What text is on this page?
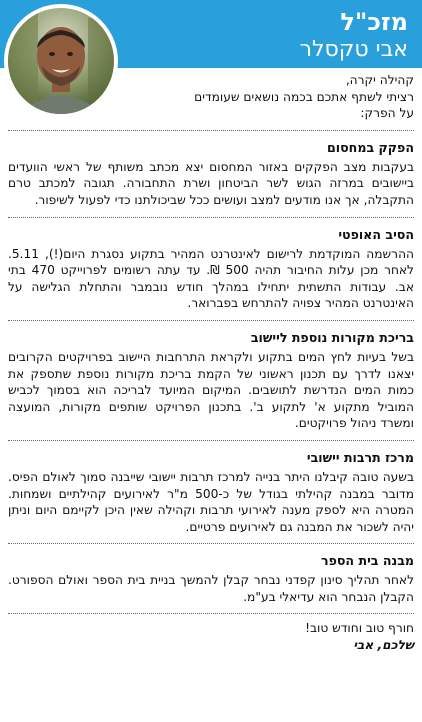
מזכ"ל
אבי טקסלר
קהילה יקרה,
רציתי לשתף אתכם בכמה נושאים שעומדים
על הפרק:
הפקק במחסום
בעקבות מצב הפקקים באזור המחסום יצא מכתב משותף של ראשי הוועדים ביישובים במרזה הגוש לשר הביטחון ושרת התחבורה. תגובה למכתב טרם התקבלה, אך אנו מודעים למצב ועושים ככל שביכולתנו כדי לפעול לשיפור.
הסיב האופטי
ההרשמה המוקדמת לרישום לאינטרנט המהיר בתקוע נסגרת היום(!), 5.11. לאחר מכן עלות החיבור תהיה 500 ₪. עד עתה רשומים לפרוייקט 470 בתי אב. עבודות התשתית יתחילו במהלך חודש נובמבר והתחלת הגלישה על האינטרנט המהיר צפויה להתרחש בפברואר.
בריכת מקורות נוספת ליישוב
בשל בעיות לחץ המים בתקוע ולקראת התרחבות היישוב בפרויקטים הקרובים יצאנו לדרך עם תכנון ראשוני של הקמת בריכת מקורות נוספת שתספק את כמות המים הנדרשת לתושבים. המיקום המיועד לבריכה הוא בסמוך לכביש המוביל מתקוע א' לתקוע ב'. בתכנון הפרויקט שותפים מקורות, המועצה ומשרד ניהול פרויקטים.
מרכז תרבות יישובי
בשעה טובה קיבלנו היתר בנייה למרכז תרבות יישובי שייבנה סמוך לאולם הפיס. מדובר במבנה קהילתי בגודל של כ-500 מ"ר לאירועים קהילתיים ושמחות. המטרה היא לספק מענה לאירועי תרבות וקהילה שאין היכן לקיימם היום וניתן יהיה לשכור את המבנה גם לאירועים פרטיים.
מבנה בית הספר
לאחר תהליך סינון קפדני נבחר קבלן להמשך בניית בית הספר ואולם הספורט. הקבלן הנבחר הוא עדיאלי בע"מ.
חורף טוב וחודש טוב!
שלכם, אבי
